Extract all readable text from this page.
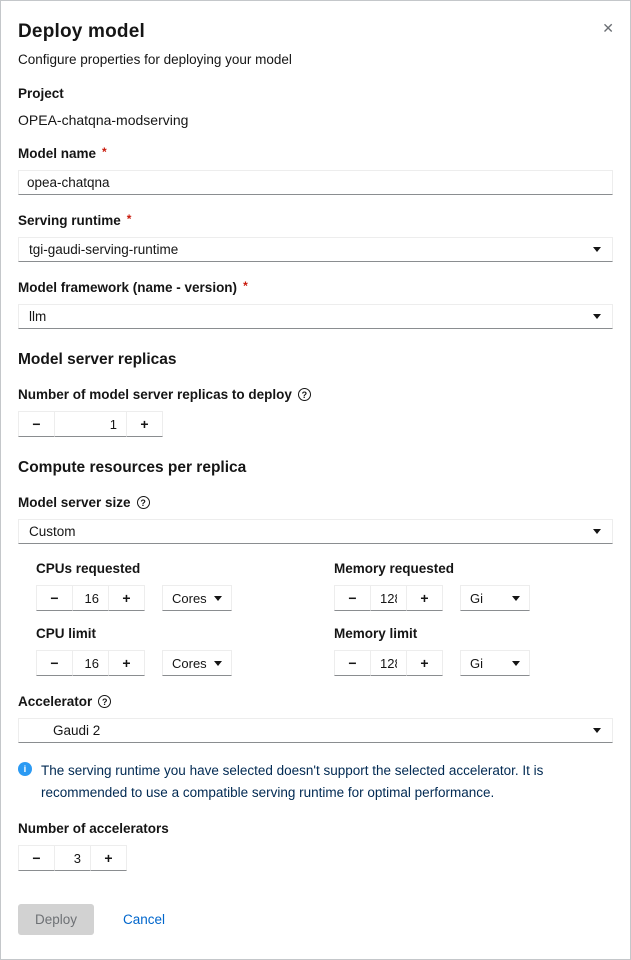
✕
Deploy model
Configure properties for deploying your model
Project
OPEA-chatqna-modserving
Model name *
opea-chatqna
Serving runtime *
tgi-gaudi-serving-runtime
Model framework (name - version) *
llm
Model server replicas
Number of model server replicas to deploy	?
−
1	+
Compute resources per replica
Model server size	?
Custom
CPUs requested
−
16	+	Cores
Memory requested
−
128	+	Gi
CPU limit
−
16	+	Cores
Memory limit
−
128	+	Gi
Accelerator	?
Gaudi 2
i	The serving runtime you have selected doesn't support the selected accelerator. It is recommended to use a compatible serving runtime for optimal performance.
Number of accelerators
−
3	+
Deploy	Cancel
